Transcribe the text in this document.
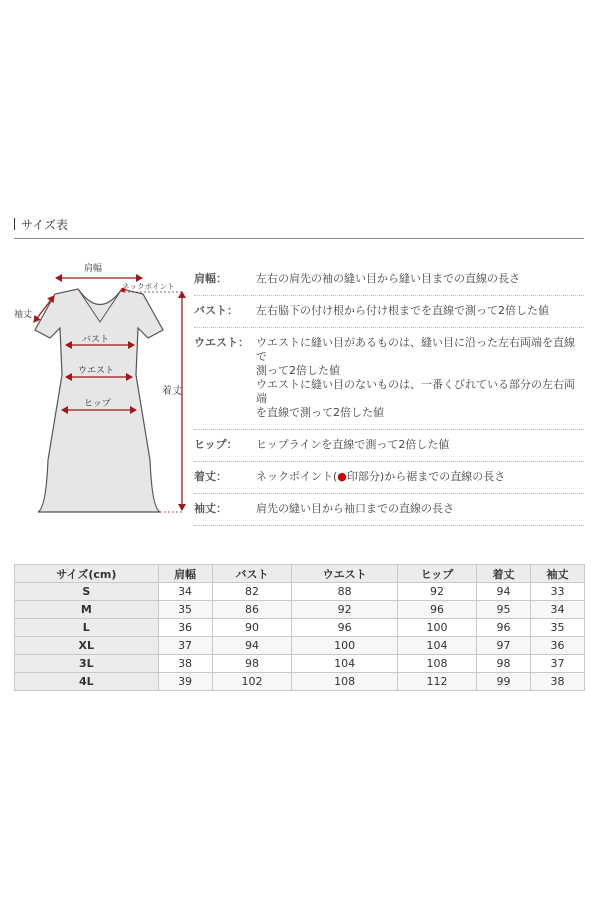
サイズ表
肩幅
ネックポイント
袖丈
バスト
ウエスト
ヒップ
着丈
肩幅：	左右の肩先の袖の縫い目から縫い目までの直線の長さ
バスト：	左右脇下の付け根から付け根までを直線で測って2倍した値
ウエスト： ウエストに縫い目があるものは、縫い目に沿った左右両端を直線で
測って2倍した値
ウエストに縫い目のないものは、一番くびれている部分の左右両端
を直線で測って2倍した値
ヒップ：	ヒップラインを直線で測って2倍した値
着丈：	ネックポイント(●印部分)から裾までの直線の長さ
袖丈：	肩先の縫い目から袖口までの直線の長さ
サイズ(cm)	肩幅	バスト	ウエスト	ヒップ	着丈	袖丈
S	34	82	88	92	94	33
M	35	86	92	96	95	34
L	36	90	96	100	96	35
XL	37	94	100	104	97	36
3L	38	98	104	108	98	37
4L	39	102	108	112	99	38
